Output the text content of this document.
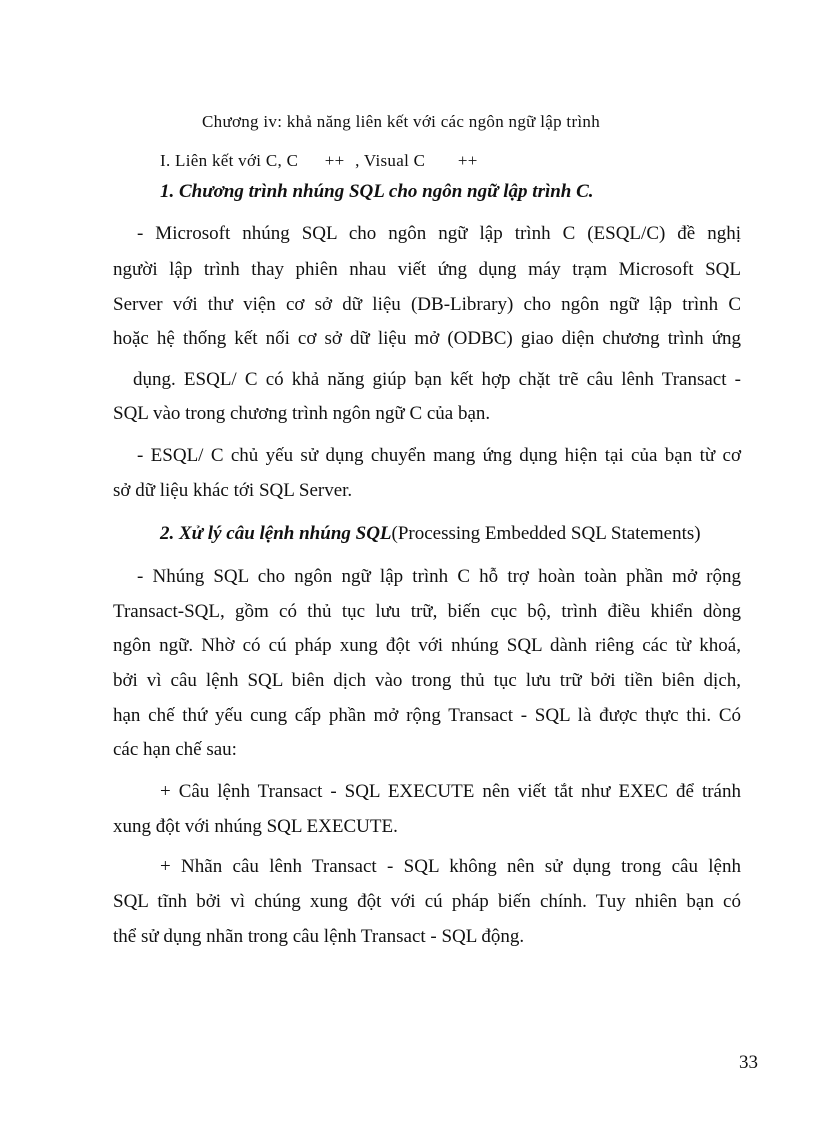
Chương iv: khả năng liên kết với các ngôn ngữ lập trình
I. Liên kết với C, C ++ , Visual C ++
1. Chương trình nhúng SQL cho ngôn ngữ lập trình C.
- Microsoft nhúng SQL cho ngôn ngữ lập trình C (ESQL/C) đề nghị
người lập trình thay phiên nhau viết ứng dụng máy trạm Microsoft SQL
Server với thư viện cơ sở dữ liệu (DB-Library) cho ngôn ngữ lập trình C
hoặc hệ thống kết nối cơ sở dữ liệu mở (ODBC) giao diện chương trình ứng
dụng. ESQL/ C có khả năng giúp bạn kết hợp chặt trẽ câu lênh Transact -
SQL vào trong chương trình ngôn ngữ C của bạn.
- ESQL/ C chủ yếu sử dụng chuyển mang ứng dụng hiện tại của bạn từ cơ
sở dữ liệu khác tới SQL Server.
2. Xử lý câu lệnh nhúng SQL(Processing Embedded SQL Statements)
- Nhúng SQL cho ngôn ngữ lập trình C hỗ trợ hoàn toàn phần mở rộng
Transact-SQL, gồm có thủ tục lưu trữ, biến cục bộ, trình điều khiển dòng
ngôn ngữ. Nhờ có cú pháp xung đột với nhúng SQL dành riêng các từ khoá,
bởi vì câu lệnh SQL biên dịch vào trong thủ tục lưu trữ bởi tiền biên dịch,
hạn chế thứ yếu cung cấp phần mở rộng Transact - SQL là được thực thi. Có
các hạn chế sau:
+ Câu lệnh Transact - SQL EXECUTE nên viết tắt như EXEC để tránh
xung đột với nhúng SQL EXECUTE.
+ Nhãn câu lênh Transact - SQL không nên sử dụng trong câu lệnh
SQL tĩnh bởi vì chúng xung đột với cú pháp biến chính. Tuy nhiên bạn có
thể sử dụng nhãn trong câu lệnh Transact - SQL động.
33
